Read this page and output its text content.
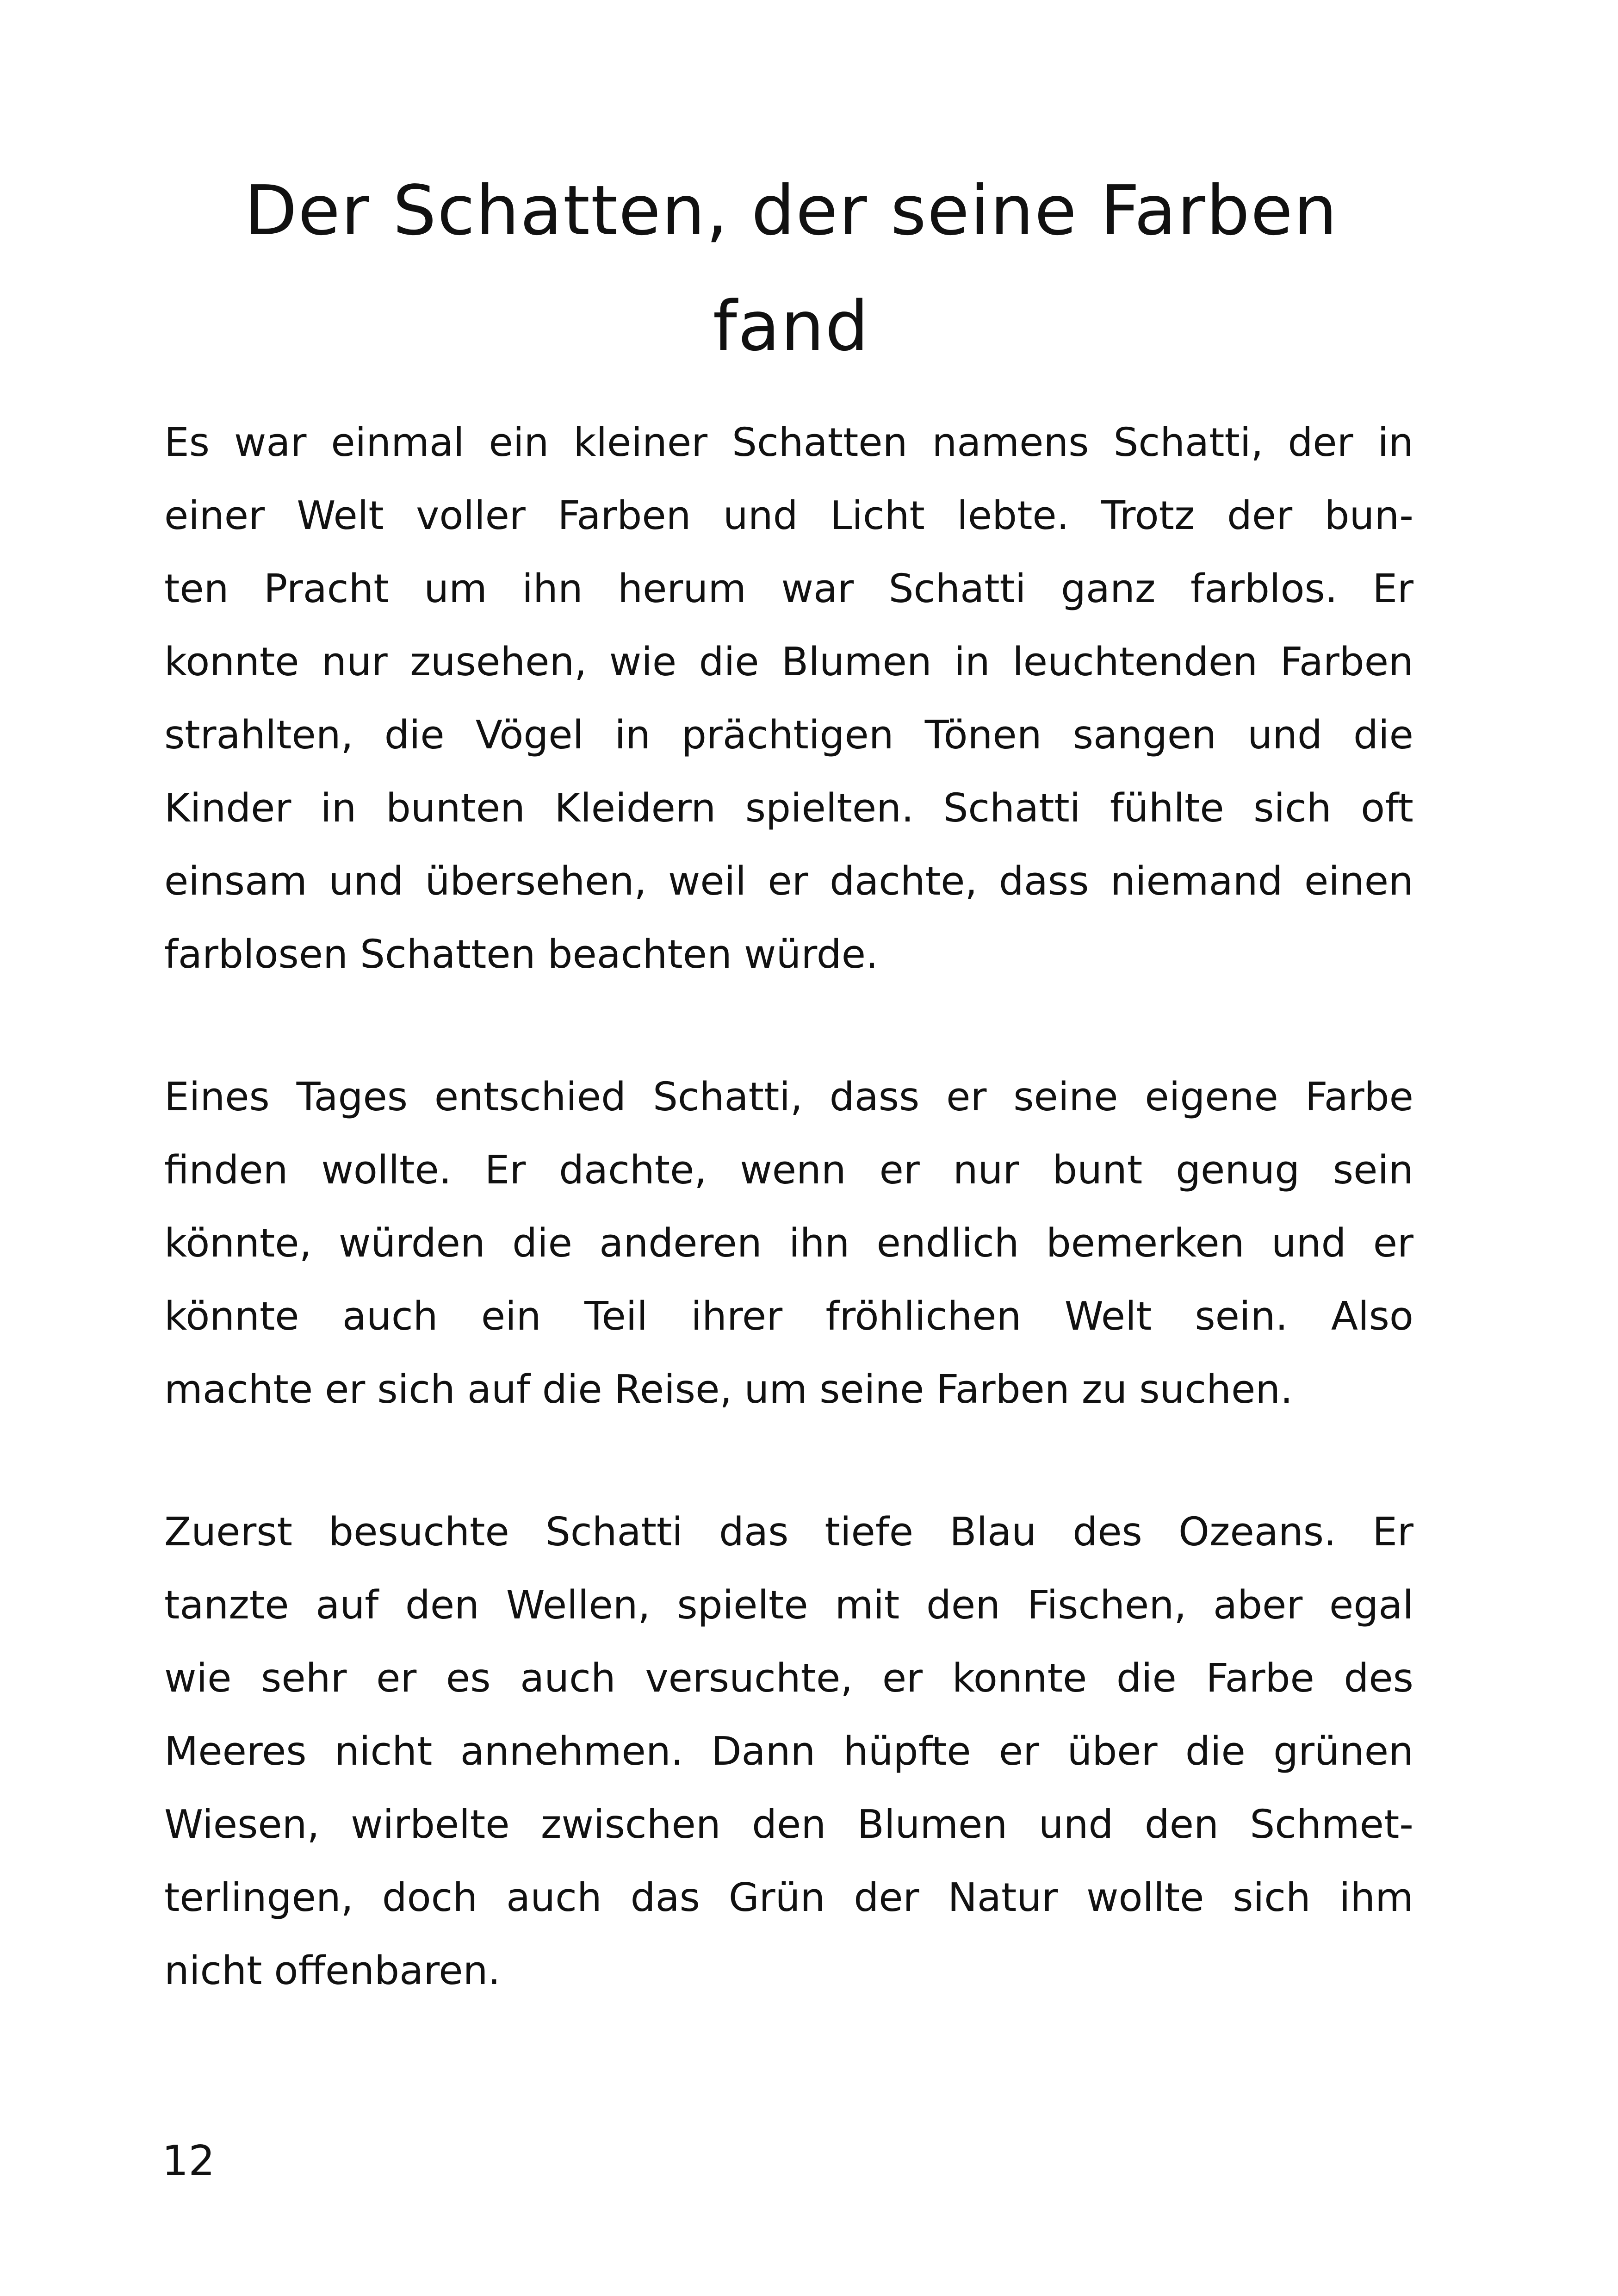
Der Schatten, der seine Farben
fand
Es war einmal ein kleiner Schatten namens Schatti, der in
einer Welt voller Farben und Licht lebte. Trotz der bun-
ten Pracht um ihn herum war Schatti ganz farblos. Er
konnte nur zusehen, wie die Blumen in leuchtenden Farben
strahlten, die Vögel in prächtigen Tönen sangen und die
Kinder in bunten Kleidern spielten. Schatti fühlte sich oft
einsam und übersehen, weil er dachte, dass niemand einen
farblosen Schatten beachten würde.
Eines Tages entschied Schatti, dass er seine eigene Farbe
finden wollte. Er dachte, wenn er nur bunt genug sein
könnte, würden die anderen ihn endlich bemerken und er
könnte auch ein Teil ihrer fröhlichen Welt sein. Also
machte er sich auf die Reise, um seine Farben zu suchen.
Zuerst besuchte Schatti das tiefe Blau des Ozeans. Er
tanzte auf den Wellen, spielte mit den Fischen, aber egal
wie sehr er es auch versuchte, er konnte die Farbe des
Meeres nicht annehmen. Dann hüpfte er über die grünen
Wiesen, wirbelte zwischen den Blumen und den Schmet-
terlingen, doch auch das Grün der Natur wollte sich ihm
nicht offenbaren.

12
